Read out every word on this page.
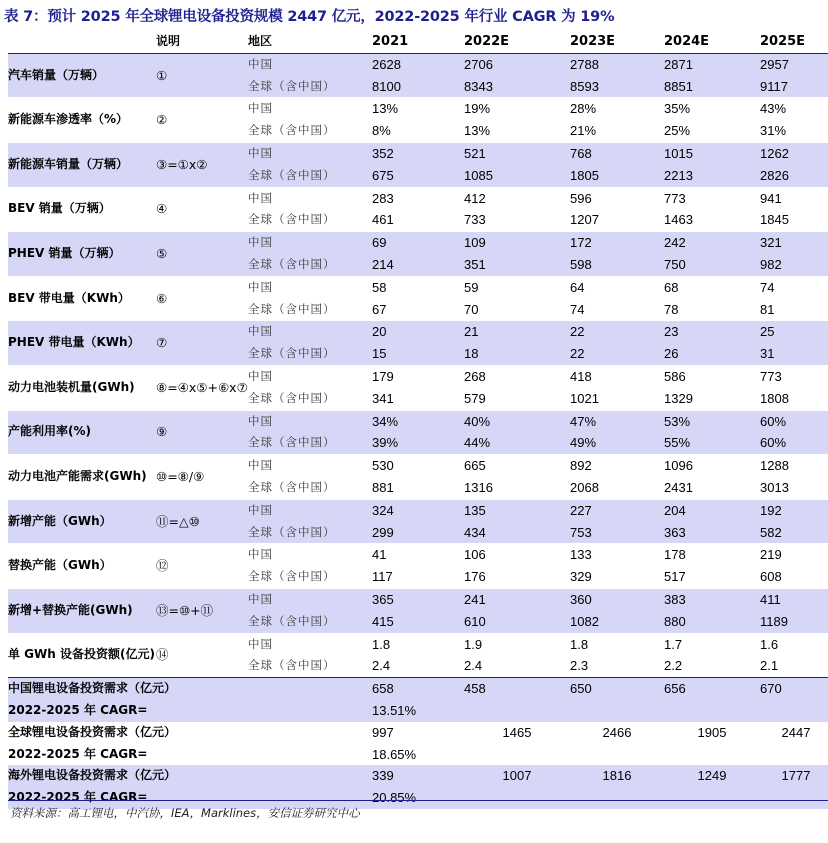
表 7：预计 2025 年全球锂电设备投资规模 2447 亿元，2022-2025 年行业 CAGR 为 19%
	说明	地区	2021	2022E	2023E	2024E	2025E
汽车销量（万辆）	①	中国	2628	2706	2788	2871	2957
		全球（含中国）	8100	8343	8593	8851	9117
新能源车渗透率（%）	②	中国	13%	19%	28%	35%	43%
		全球（含中国）	8%	13%	21%	25%	31%
新能源车销量（万辆）	③=①x②	中国	352	521	768	1015	1262
		全球（含中国）	675	1085	1805	2213	2826
BEV 销量（万辆）	④	中国	283	412	596	773	941
		全球（含中国）	461	733	1207	1463	1845
PHEV 销量（万辆）	⑤	中国	69	109	172	242	321
		全球（含中国）	214	351	598	750	982
BEV 带电量（KWh）	⑥	中国	58	59	64	68	74
		全球（含中国）	67	70	74	78	81
PHEV 带电量（KWh）	⑦	中国	20	21	22	23	25
		全球（含中国）	15	18	22	26	31
动力电池装机量(GWh)	⑧=④x⑤+⑥x⑦	中国	179	268	418	586	773
		全球（含中国）	341	579	1021	1329	1808
产能利用率(%)	⑨	中国	34%	40%	47%	53%	60%
		全球（含中国）	39%	44%	49%	55%	60%
动力电池产能需求(GWh)	⑩=⑧/⑨	中国	530	665	892	1096	1288
		全球（含中国）	881	1316	2068	2431	3013
新增产能（GWh）	⑪=△⑩	中国	324	135	227	204	192
		全球（含中国）	299	434	753	363	582
替换产能（GWh）	⑫	中国	41	106	133	178	219
		全球（含中国）	117	176	329	517	608
新增+替换产能(GWh)	⑬=⑩+⑪	中国	365	241	360	383	411
		全球（含中国）	415	610	1082	880	1189
单 GWh 设备投资额(亿元)	⑭	中国	1.8	1.9	1.8	1.7	1.6
		全球（含中国）	2.4	2.4	2.3	2.2	2.1
中国锂电设备投资需求（亿元）			658	458	650	656	670
2022-2025 年 CAGR=			13.51%				
全球锂电设备投资需求（亿元）			997	1465	2466	1905	2447
2022-2025 年 CAGR=			18.65%				
海外锂电设备投资需求（亿元）			339	1007	1816	1249	1777
2022-2025 年 CAGR=			20.85%				
资料来源：高工锂电，中汽协，IEA，Marklines，安信证券研究中心
